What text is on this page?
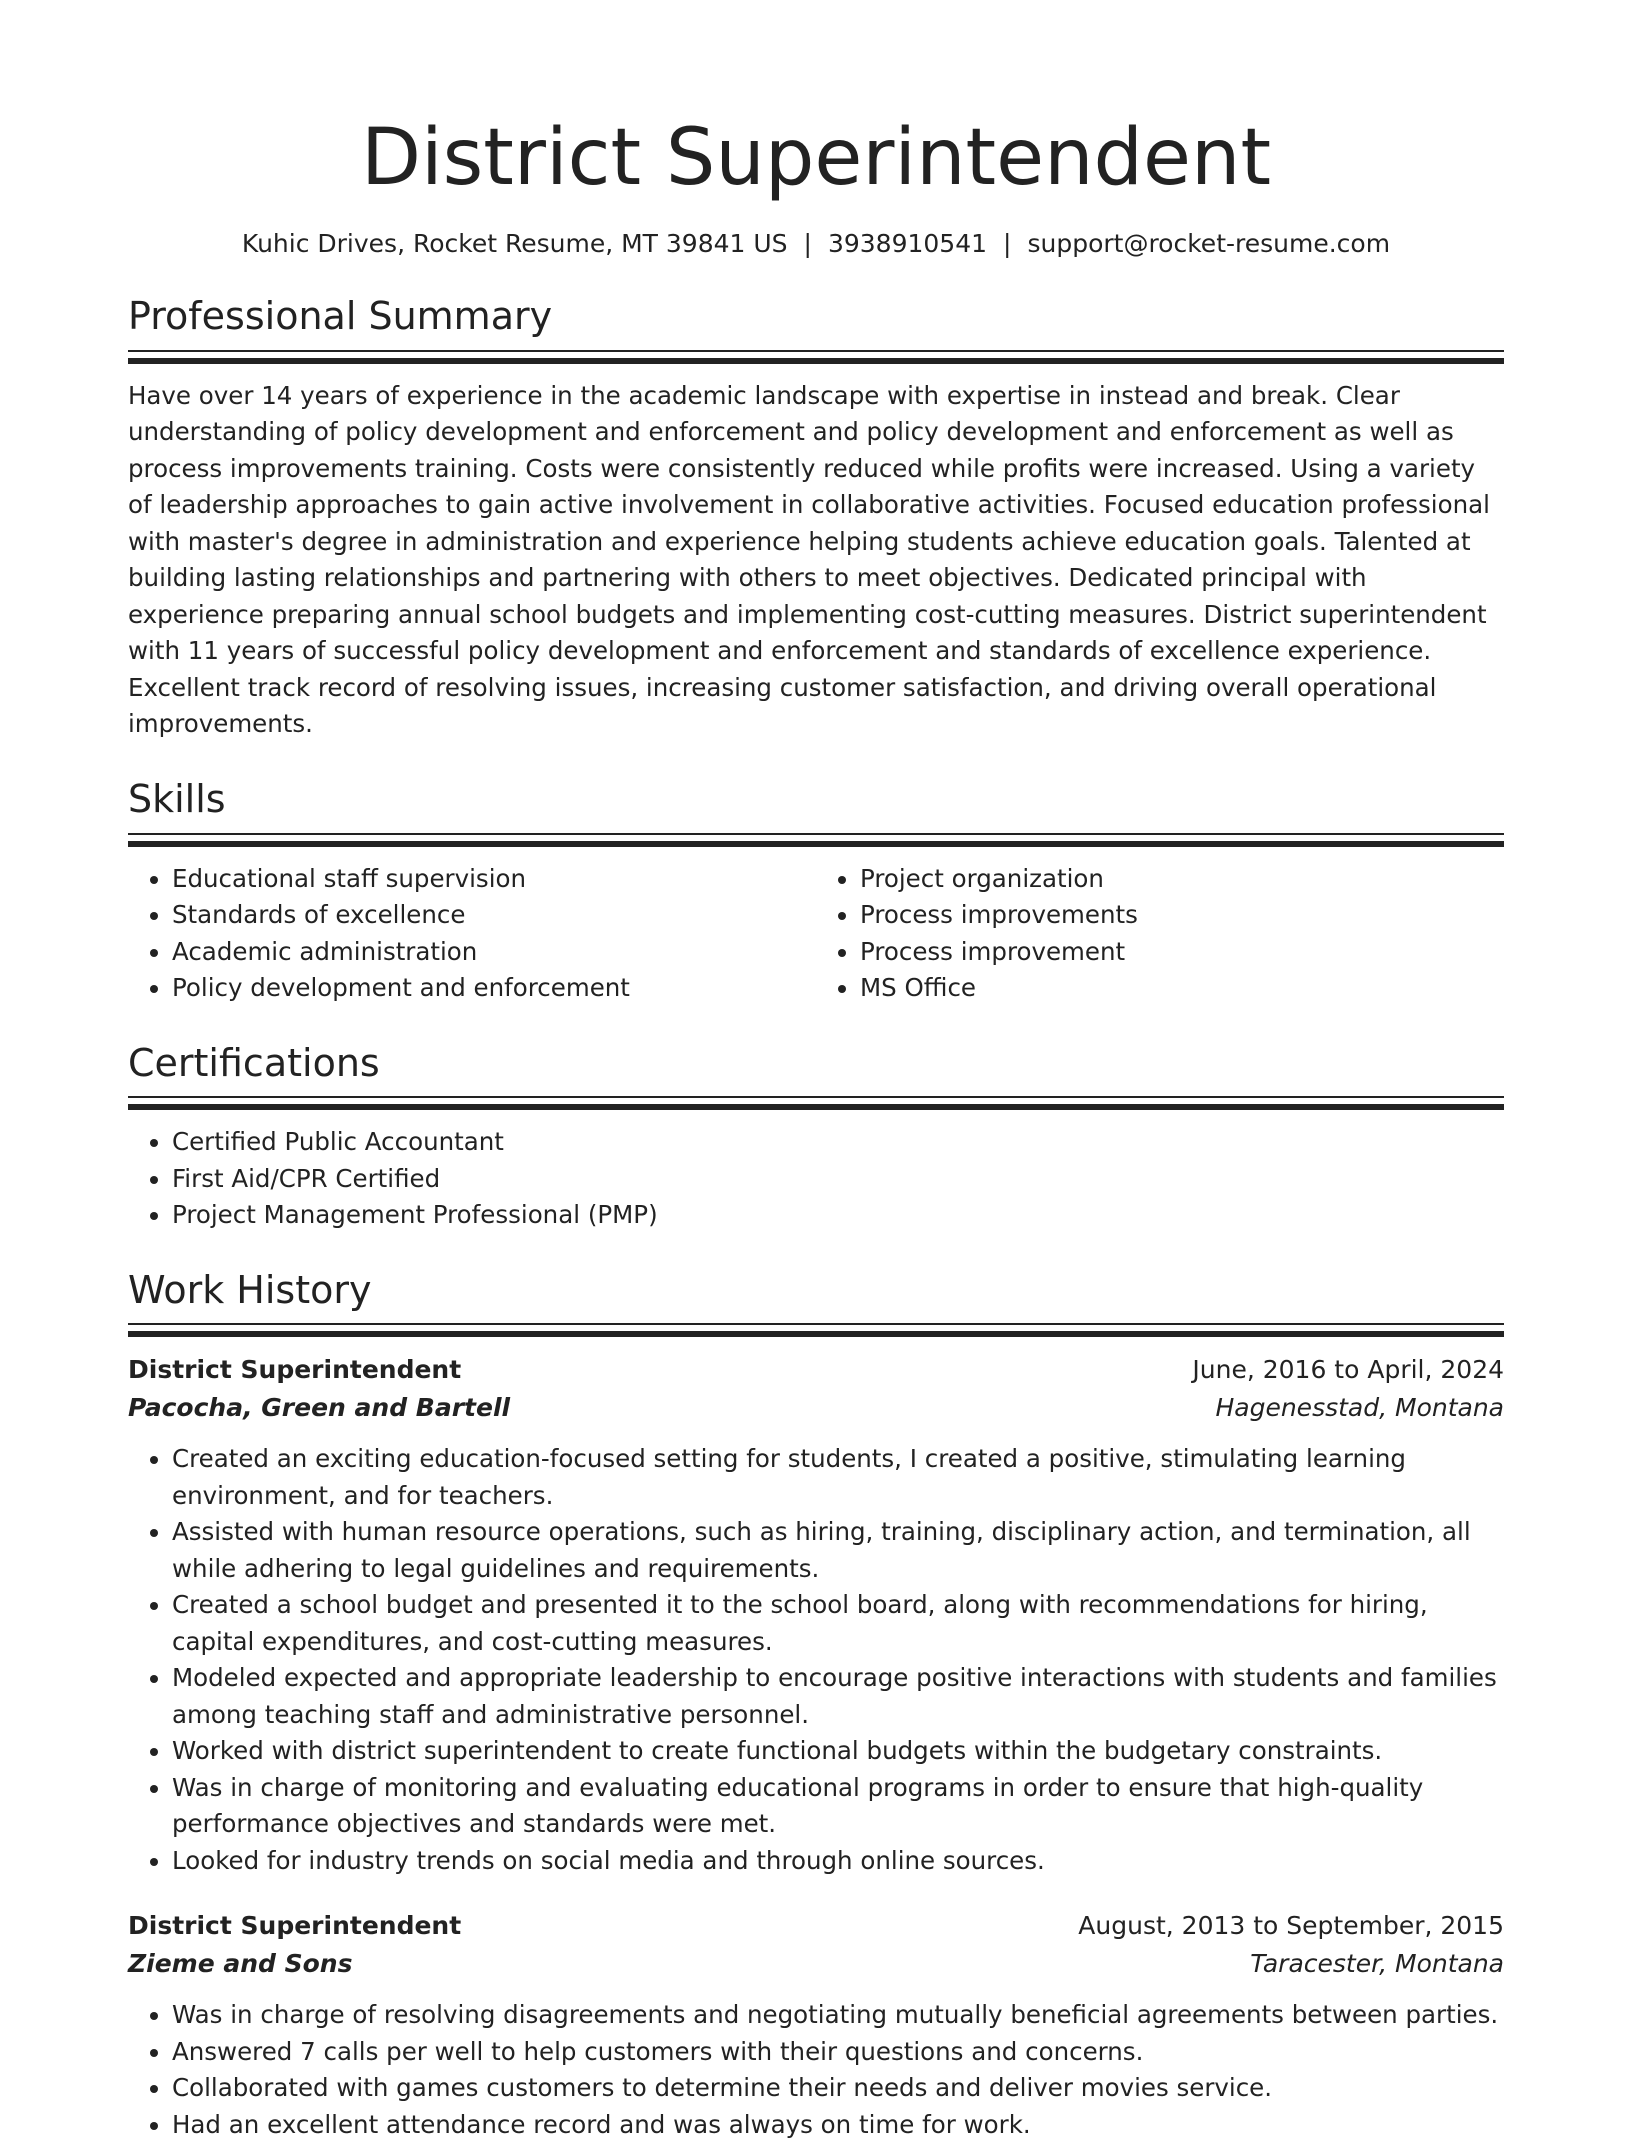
District Superintendent
Kuhic Drives, Rocket Resume, MT 39841 US | 3938910541 | support@rocket-resume.com
Professional Summary

Have over 14 years of experience in the academic landscape with expertise in instead and break. Clear understanding of policy development and enforcement and policy development and enforcement as well as process improvements training. Costs were consistently reduced while profits were increased. Using a variety of leadership approaches to gain active involvement in collaborative activities. Focused education professional with master's degree in administration and experience helping students achieve education goals. Talented at building lasting relationships and partnering with others to meet objectives. Dedicated principal with experience preparing annual school budgets and implementing cost-cutting measures. District superintendent with 11 years of successful policy development and enforcement and standards of excellence experience. Excellent track record of resolving issues, increasing customer satisfaction, and driving overall operational improvements.

Skills
• Educational staff supervision
• Standards of excellence
• Academic administration
• Policy development and enforcement
• Project organization
• Process improvements
• Process improvement
• MS Office
Certifications
• Certified Public Accountant
• First Aid/CPR Certified
• Project Management Professional (PMP)
Work History
District Superintendent	June, 2016 to April, 2024
Pacocha, Green and Bartell	Hagenesstad, Montana
• Created an exciting education-focused setting for students, I created a positive, stimulating learning environment, and for teachers.
• Assisted with human resource operations, such as hiring, training, disciplinary action, and termination, all while adhering to legal guidelines and requirements.
• Created a school budget and presented it to the school board, along with recommendations for hiring, capital expenditures, and cost-cutting measures.
• Modeled expected and appropriate leadership to encourage positive interactions with students and families among teaching staff and administrative personnel.
• Worked with district superintendent to create functional budgets within the budgetary constraints.
• Was in charge of monitoring and evaluating educational programs in order to ensure that high-quality performance objectives and standards were met.
• Looked for industry trends on social media and through online sources.
District Superintendent	August, 2013 to September, 2015
Zieme and Sons	Taracester, Montana
• Was in charge of resolving disagreements and negotiating mutually beneficial agreements between parties.
• Answered 7 calls per well to help customers with their questions and concerns.
• Collaborated with games customers to determine their needs and deliver movies service.
• Had an excellent attendance record and was always on time for work.
